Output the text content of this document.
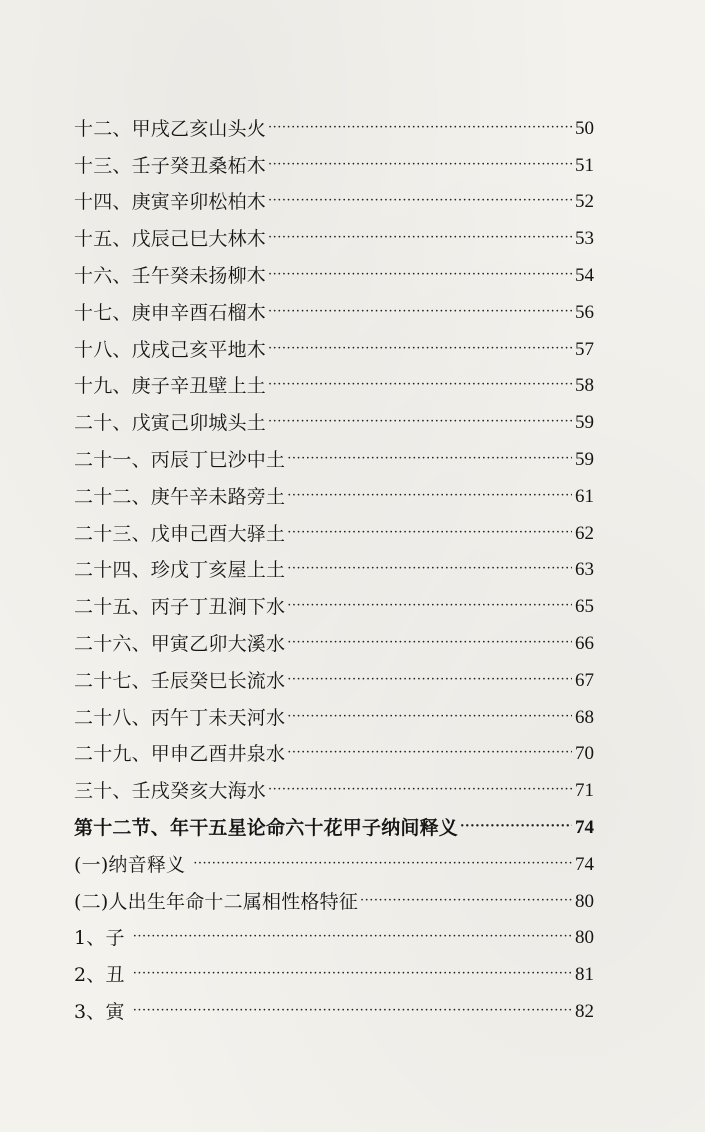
十二、甲戌乙亥山头火 ·····	50
十三、壬子癸丑桑柘木 ·····	51
十四、庚寅辛卯松柏木 ·····	52
十五、戊辰己巳大林木 ·····	53
十六、壬午癸未扬柳木 ·····	54
十七、庚申辛酉石榴木 ·····	56
十八、戊戌己亥平地木 ·····	57
十九、庚子辛丑壁上土 ·····	58
二十、戊寅己卯城头土 ·····	59
二十一、丙辰丁巳沙中土 ·····	59
二十二、庚午辛未路旁土 ·····	61
二十三、戊申己酉大驿土 ·····	62
二十四、珍戊丁亥屋上土 ·····	63
二十五、丙子丁丑涧下水 ·····	65
二十六、甲寅乙卯大溪水 ·····	66
二十七、壬辰癸巳长流水 ·····	67
二十八、丙午丁未天河水 ·····	68
二十九、甲申乙酉井泉水 ·····	70
三十、壬戌癸亥大海水 ·····	71
第十二节、年干五星论命六十花甲子纳间释义 ·····	74
(一)纳音释义 ·····	74
(二)人出生年命十二属相性格特征 ·····	80
1、子 ·····	80
2、丑 ·····	81
3、寅 ·····	82
